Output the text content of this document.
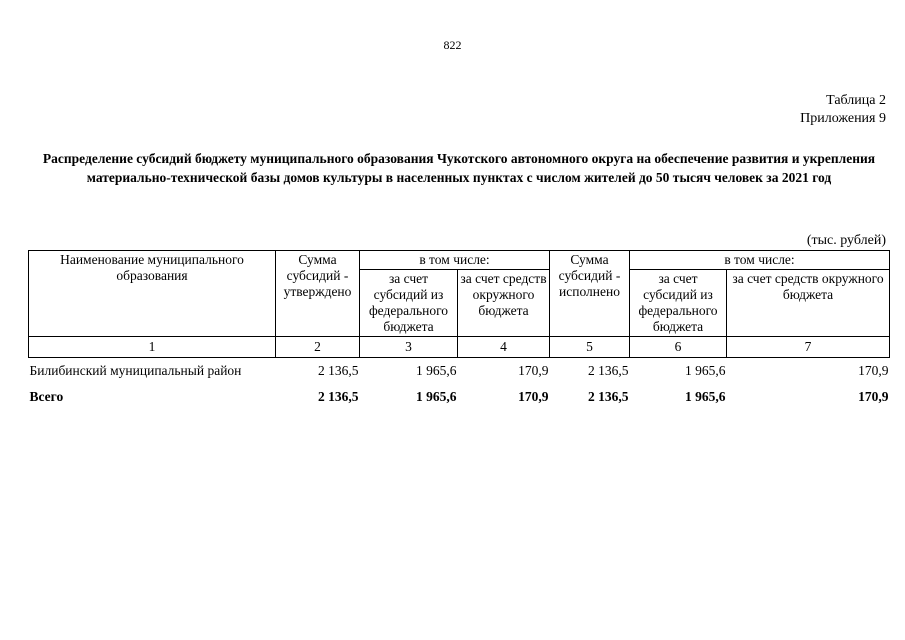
822
Таблица 2
Приложения 9
Распределение субсидий бюджету муниципального образования Чукотского автономного округа на обеспечение развития и укрепления материально-технической базы домов культуры в населенных пунктах с числом жителей до 50 тысяч человек за 2021 год
(тыс. рублей)
Наименование муниципального образования	Сумма субсидий - утверждено	в том числе:		Сумма субсидий - исполнено	в том числе:	
		за счет субсидий из федерального бюджета	за счет средств окружного бюджета		за счет субсидий из федерального бюджета	за счет средств окружного бюджета
1	2	3	4	5	6	7
Билибинский муниципальный район	2 136,5	1 965,6	170,9	2 136,5	1 965,6	170,9
Всего	2 136,5	1 965,6	170,9	2 136,5	1 965,6	170,9
